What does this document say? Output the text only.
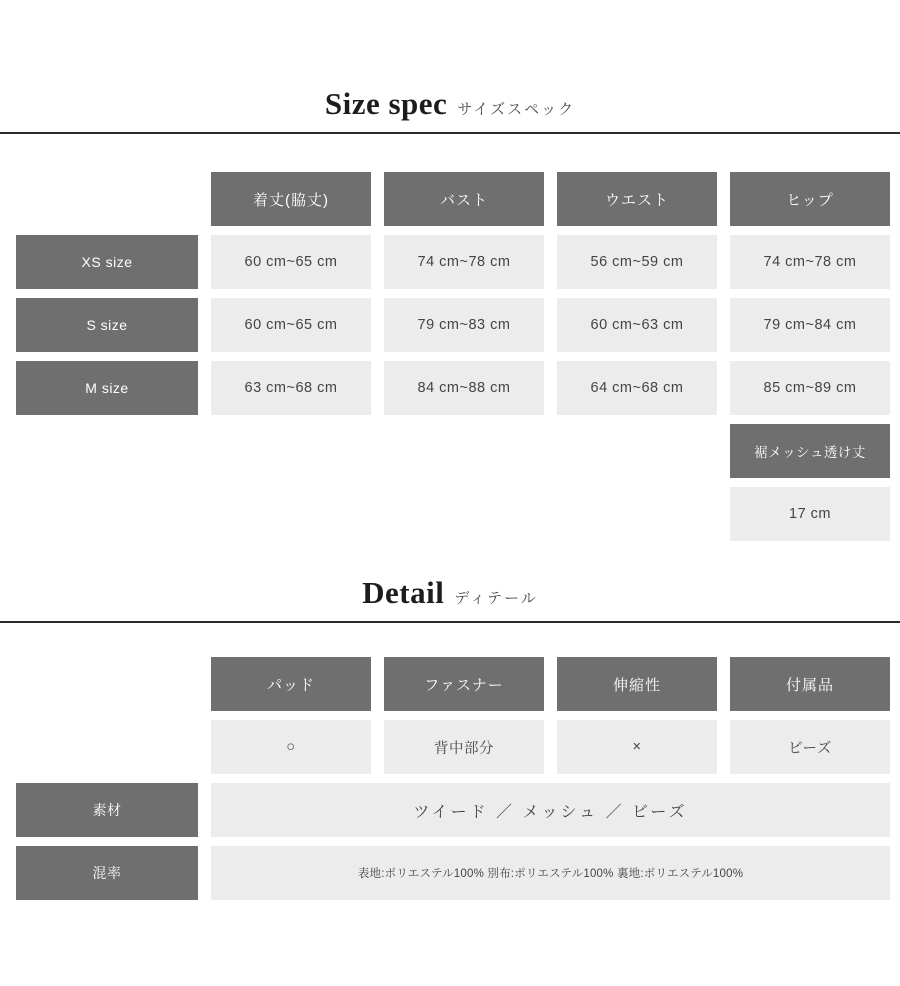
Size spec サイズスペック
着丈(脇丈)	バスト	ウエスト	ヒップ
XS size	60 cm~65 cm	74 cm~78 cm	56 cm~59 cm	74 cm~78 cm
S size	60 cm~65 cm	79 cm~83 cm	60 cm~63 cm	79 cm~84 cm
M size	63 cm~68 cm	84 cm~88 cm	64 cm~68 cm	85 cm~89 cm
裾メッシュ透け丈
17 cm
Detail ディテール
パッド	ファスナー	伸縮性	付属品
○	背中部分	×	ビーズ
素材	ツイード ／ メッシュ ／ ビーズ
混率	表地:ポリエステル100% 別布:ポリエステル100% 裏地:ポリエステル100%
